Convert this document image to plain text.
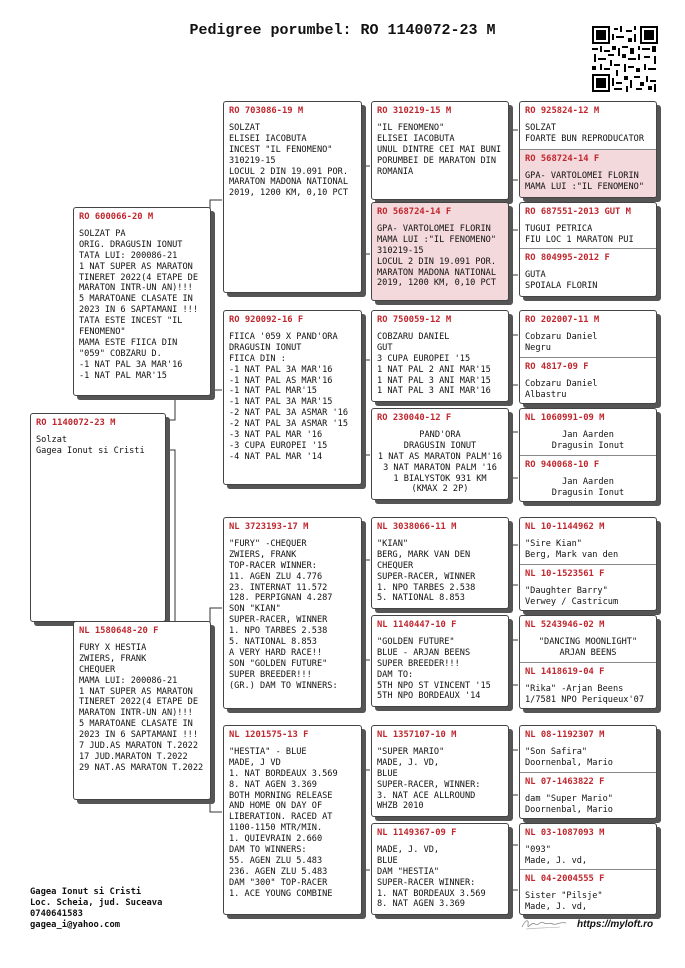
Pedigree porumbel: RO 1140072-23 M
RO 1140072-23 M
Solzat
Gagea Ionut si Cristi
RO 600066-20 M
SOLZAT PA
ORIG. DRAGUSIN IONUT
TATA LUI: 200086-21
1 NAT SUPER AS MARATON
TINERET 2022(4 ETAPE DE
MARATON INTR-UN AN)!!!
5 MARATOANE CLASATE IN
2023 IN 6 SAPTAMANI !!!
TATA ESTE INCEST "IL
FENOMENO"
MAMA ESTE FIICA DIN
"059" COBZARU D.
-1 NAT PAL 3A MAR'16
-1 NAT PAL MAR'15
NL 1580648-20 F
FURY X HESTIA
ZWIERS, FRANK
CHEQUER
MAMA LUI: 200086-21
1 NAT SUPER AS MARATON
TINERET 2022(4 ETAPE DE
MARATON INTR-UN AN)!!!
5 MARATOANE CLASATE IN
2023 IN 6 SAPTAMANI !!!
7 JUD.AS MARATON T.2022
17 JUD.MARATON T.2022
29 NAT.AS MARATON T.2022
RO 703086-19 M
SOLZAT
ELISEI IACOBUTA
INCEST "IL FENOMENO"
310219-15
LOCUL 2 DIN 19.091 POR.
MARATON MADONA NATIONAL
2019, 1200 KM, 0,10 PCT
RO 920092-16 F
FIICA '059 X PAND'ORA
DRAGUSIN IONUT
FIICA DIN :
-1 NAT PAL 3A MAR'16
-1 NAT PAL AS MAR'16
-1 NAT PAL MAR'15
-1 NAT PAL 3A MAR'15
-2 NAT PAL 3A ASMAR '16
-2 NAT PAL 3A ASMAR '15
-3 NAT PAL MAR '16
-3 CUPA EUROPEI '15
-4 NAT PAL MAR '14
NL 3723193-17 M
"FURY" -CHEQUER
ZWIERS, FRANK
TOP-RACER WINNER:
11. AGEN ZLU 4.776
23. INTERNAT 11.572
128. PERPIGNAN 4.287
SON "KIAN"
SUPER-RACER, WINNER
1. NPO TARBES 2.538
5. NATIONAL 8.853
A VERY HARD RACE!!
SON "GOLDEN FUTURE"
SUPER BREEDER!!!
(GR.) DAM TO WINNERS:
NL 1201575-13 F
"HESTIA" - BLUE
MADE, J VD
1. NAT BORDEAUX 3.569
8. NAT AGEN 3.369
BOTH MORNING RELEASE
AND HOME ON DAY OF
LIBERATION. RACED AT
1100-1150 MTR/MIN.
1. QUIEVRAIN 2.660
DAM TO WINNERS:
55. AGEN ZLU 5.483
236. AGEN ZLU 5.483
DAM "300" TOP-RACER
1. ACE YOUNG COMBINE
RO 310219-15 M
"IL FENOMENO"
ELISEI IACOBUTA
UNUL DINTRE CEI MAI BUNI
PORUMBEI DE MARATON DIN
ROMANIA
RO 568724-14 F
GPA- VARTOLOMEI FLORIN
MAMA LUI :"IL FENOMENO"
310219-15
LOCUL 2 DIN 19.091 POR.
MARATON MADONA NATIONAL
2019, 1200 KM, 0,10 PCT
RO 750059-12 M
COBZARU DANIEL
GUT
3 CUPA EUROPEI '15
1 NAT PAL 2 ANI MAR'15
1 NAT PAL 3 ANI MAR'15
1 NAT PAL 3 ANI MAR'16
RO 230040-12 F
PAND'ORA
DRAGUSIN IONUT
1 NAT AS MARATON PALM'16
3 NAT MARATON PALM '16
1 BIALYSTOK 931 KM
(KMAX 2 2P)
NL 3038066-11 M
"KIAN"
BERG, MARK VAN DEN
CHEQUER
SUPER-RACER, WINNER
1. NPO TARBES 2.538
5. NATIONAL 8.853
NL 1140447-10 F
"GOLDEN FUTURE"
BLUE - ARJAN BEENS
SUPER BREEDER!!!
DAM TO:
5TH NPO ST VINCENT '15
5TH NPO BORDEAUX '14
NL 1357107-10 M
"SUPER MARIO"
MADE, J. VD,
BLUE
SUPER-RACER, WINNER:
3. NAT ACE ALLROUND
WHZB 2010
NL 1149367-09 F
MADE, J. VD,
BLUE
DAM "HESTIA"
SUPER-RACER WINNER:
1. NAT BORDEAUX 3.569
8. NAT AGEN 3.369
RO 925824-12 M
SOLZAT
FOARTE BUN REPRODUCATOR
RO 568724-14 F
GPA- VARTOLOMEI FLORIN
MAMA LUI :"IL FENOMENO"
RO 687551-2013 GUT M
TUGUI PETRICA
FIU LOC 1 MARATON PUI
RO 804995-2012 F
GUTA
SPOIALA FLORIN
RO 202007-11 M
Cobzaru Daniel
Negru
RO 4817-09 F
Cobzaru Daniel
Albastru
NL 1060991-09 M
Jan Aarden
Dragusin Ionut
RO 940068-10 F
Jan Aarden
Dragusin Ionut
NL 10-1144962 M
"Sire Kian"
Berg, Mark van den
NL 10-1523561 F
"Daughter Barry"
Verwey / Castricum
NL 5243946-02 M
"DANCING MOONLIGHT"
ARJAN BEENS
NL 1418619-04 F
"Rika" -Arjan Beens
1/7581 NPO Periqueux'07
NL 08-1192307 M
"Son Safira"
Doornenbal, Mario
NL 07-1463822 F
dam "Super Mario"
Doornenbal, Mario
NL 03-1087093 M
"093"
Made, J. vd,
NL 04-2004555 F
Sister "Pilsje"
Made, J. vd,
Gagea Ionut si Cristi
Loc. Scheia, jud. Suceava
0740641583
gagea_i@yahoo.com	https://myloft.ro
